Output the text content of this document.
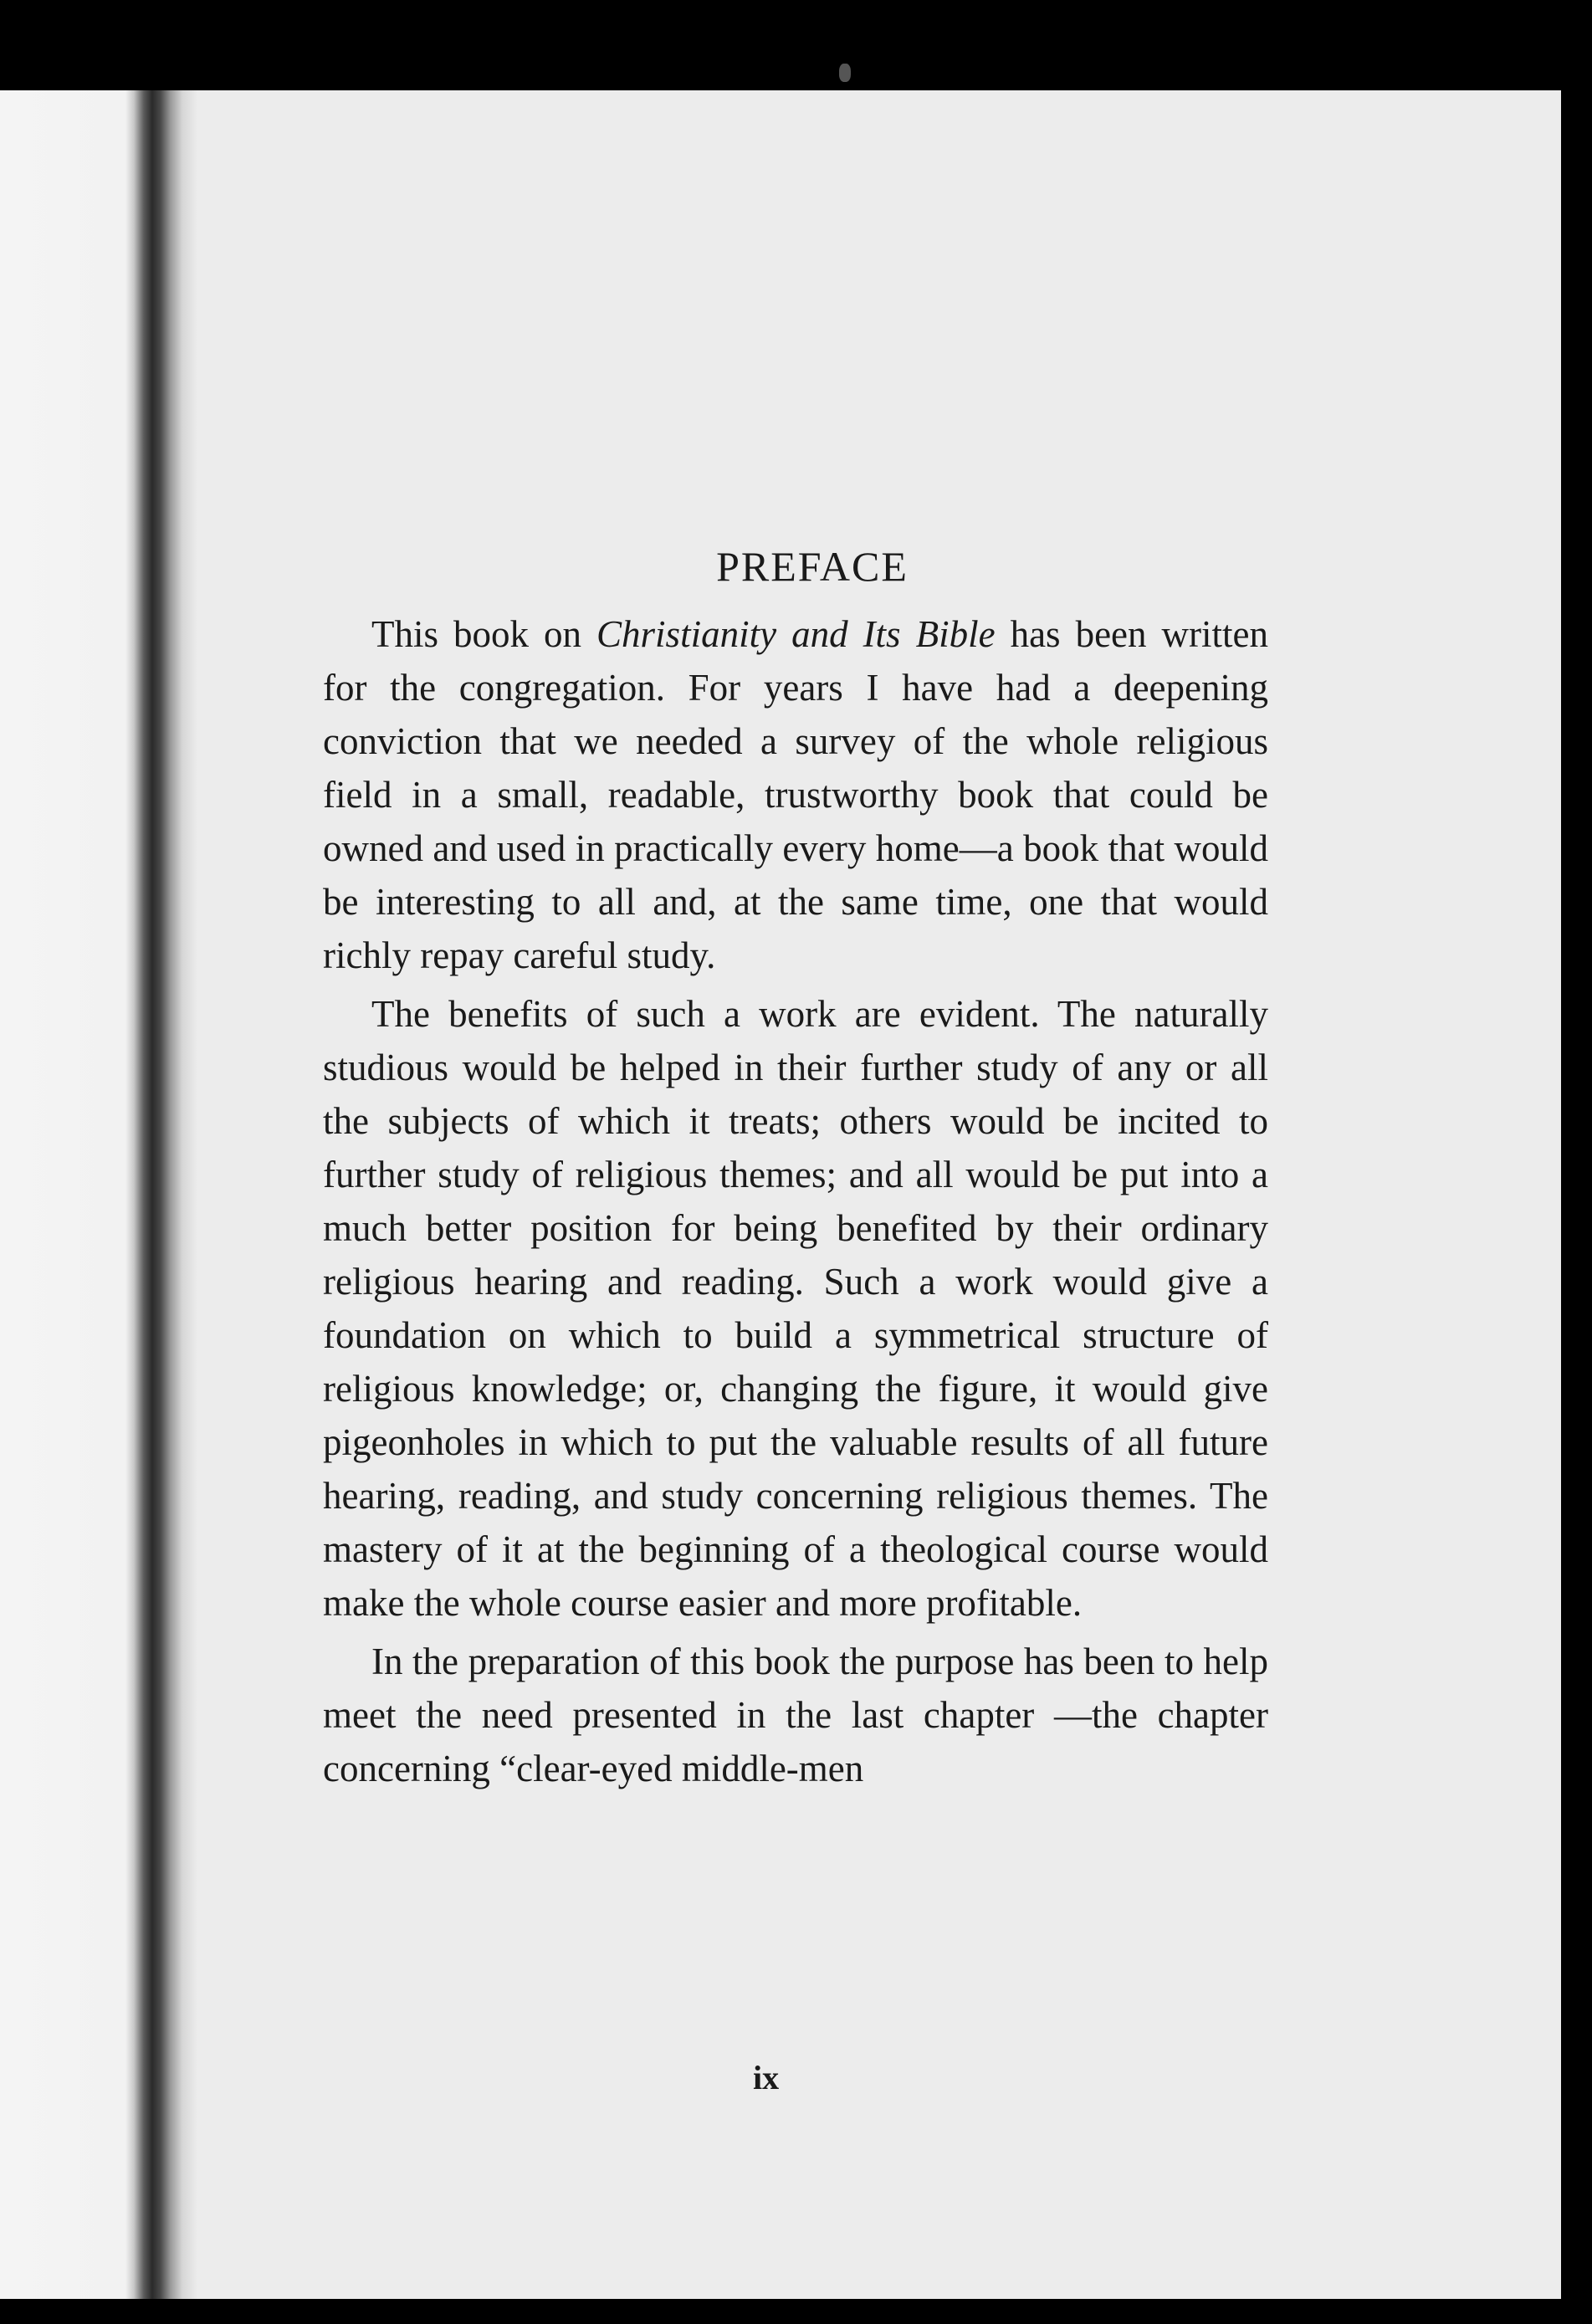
PREFACE

This book on Christianity and Its Bible has been written for the congregation. For years I have had a deepening conviction that we needed a survey of the whole religious field in a small, readable, trustworthy book that could be owned and used in practically every home—a book that would be interesting to all and, at the same time, one that would richly repay careful study.

The benefits of such a work are evident. The naturally studious would be helped in their further study of any or all the subjects of which it treats; others would be incited to further study of religious themes; and all would be put into a much better position for being benefited by their ordinary religious hearing and reading. Such a work would give a foundation on which to build a symmetrical structure of religious knowledge; or, changing the figure, it would give pigeonholes in which to put the valuable results of all future hearing, reading, and study concerning religious themes. The mastery of it at the beginning of a theological course would make the whole course easier and more profitable.

In the preparation of this book the purpose has been to help meet the need presented in the last chapter —the chapter concerning “clear-eyed middle-men

ix
